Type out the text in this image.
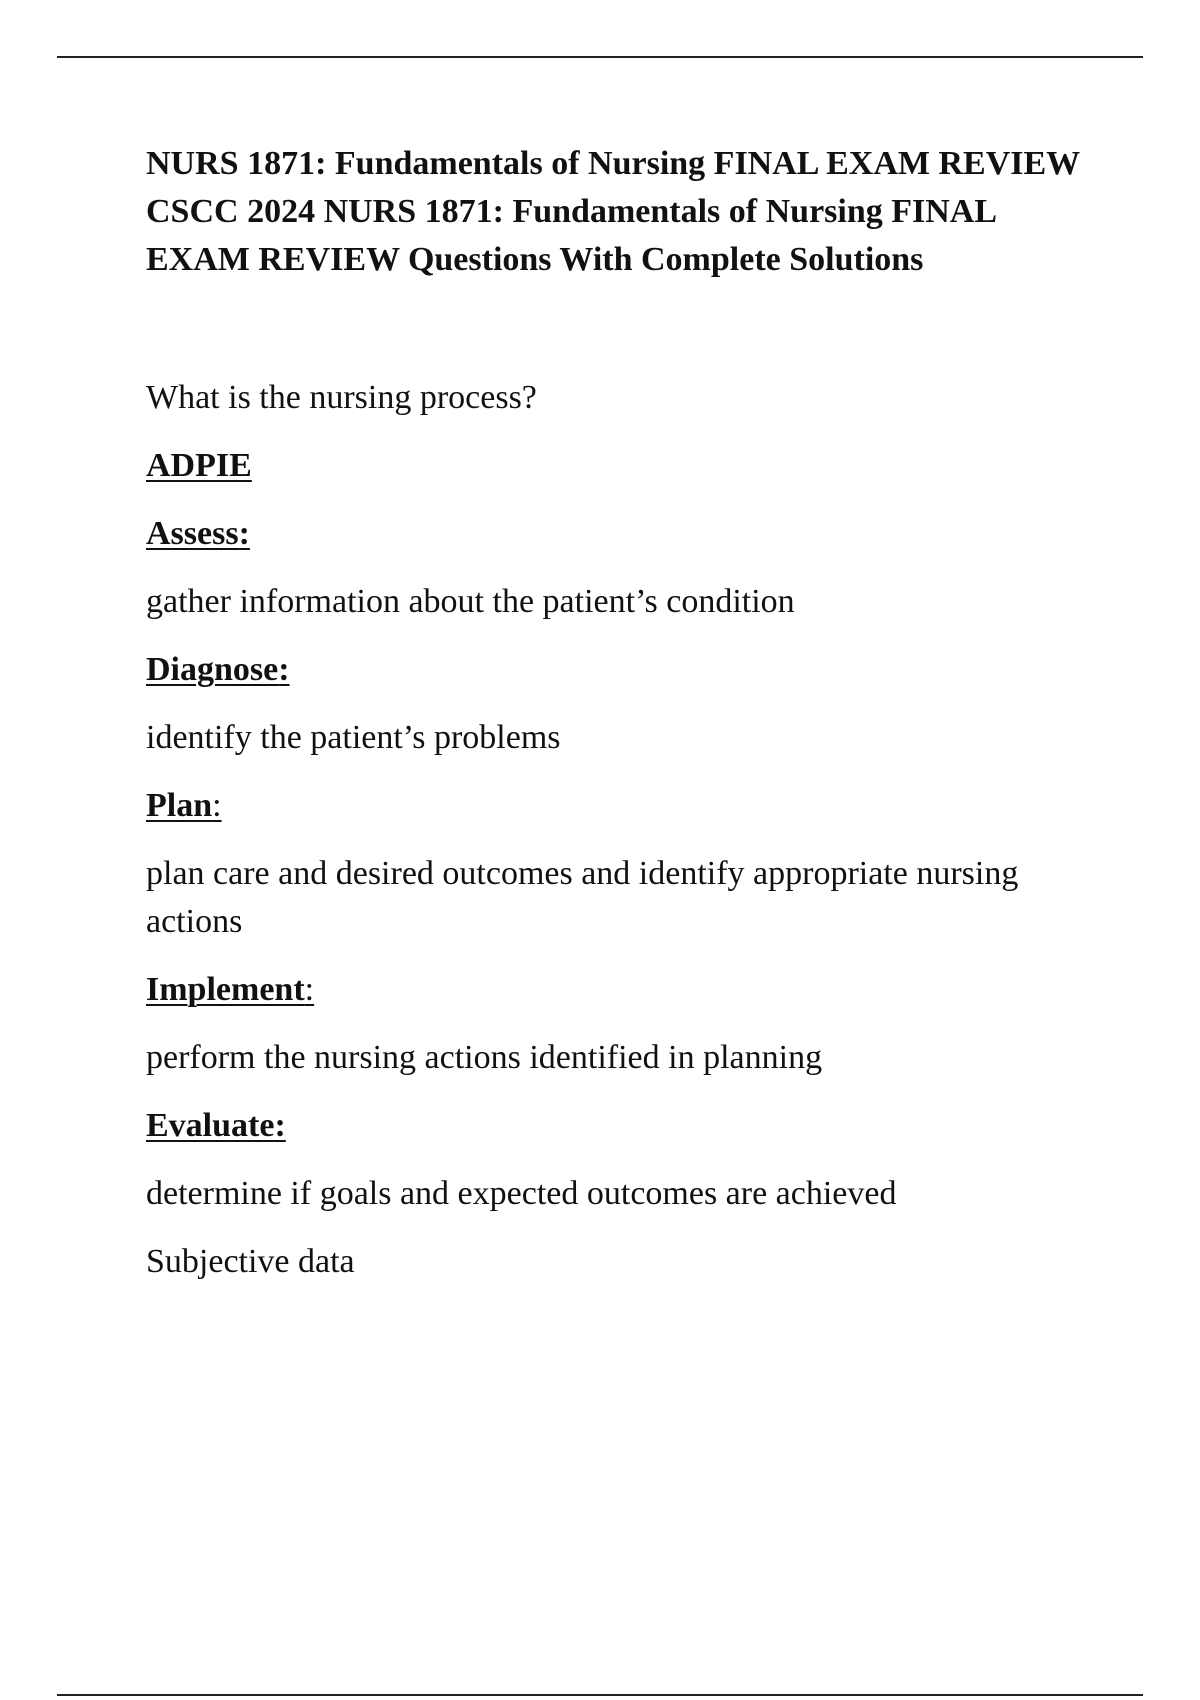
NURS 1871: Fundamentals of Nursing FINAL EXAM REVIEW CSCC 2024 NURS 1871: Fundamentals of Nursing FINAL EXAM REVIEW Questions With Complete Solutions

What is the nursing process?

ADPIE

Assess:

gather information about the patient’s condition

Diagnose:

identify the patient’s problems

Plan:

plan care and desired outcomes and identify appropriate nursing actions

Implement:

perform the nursing actions identified in planning

Evaluate:

determine if goals and expected outcomes are achieved

Subjective data
